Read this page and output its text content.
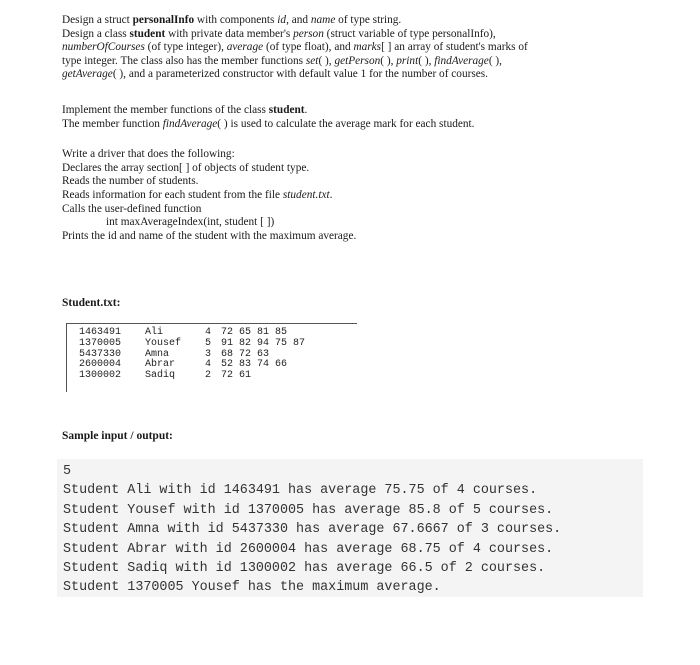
Design a struct personalInfo with components id, and name of type string.

Design a class student with private data member's person (struct variable of type personalInfo),

numberOfCourses (of type integer), average (of type float), and marks[ ] an array of student's marks of

type integer. The class also has the member functions set( ), getPerson( ), print( ), findAverage( ),

getAverage( ), and a parameterized constructor with default value 1 for the number of courses.

Implement the member functions of the class student.

The member function findAverage( ) is used to calculate the average mark for each student.

Write a driver that does the following:

Declares the array section[ ] of objects of student type.

Reads the number of students.

Reads information for each student from the file student.txt.

Calls the user-defined function

int maxAverageIndex(int, student [ ])

Prints the id and name of the student with the maximum average.

Student.txt:
1463491	Ali	4 72 65 81 85
1370005	Yousef	5 91 82 94 75 87
5437330	Amna	3 68 72 63
2600004	Abrar	4 52 83 74 66
1300002	Sadiq	2 72 61
Sample input / output:
5
Student Ali with id 1463491 has average 75.75 of 4 courses.
Student Yousef with id 1370005 has average 85.8 of 5 courses.
Student Amna with id 5437330 has average 67.6667 of 3 courses.
Student Abrar with id 2600004 has average 68.75 of 4 courses.
Student Sadiq with id 1300002 has average 66.5 of 2 courses.
Student 1370005 Yousef has the maximum average.
